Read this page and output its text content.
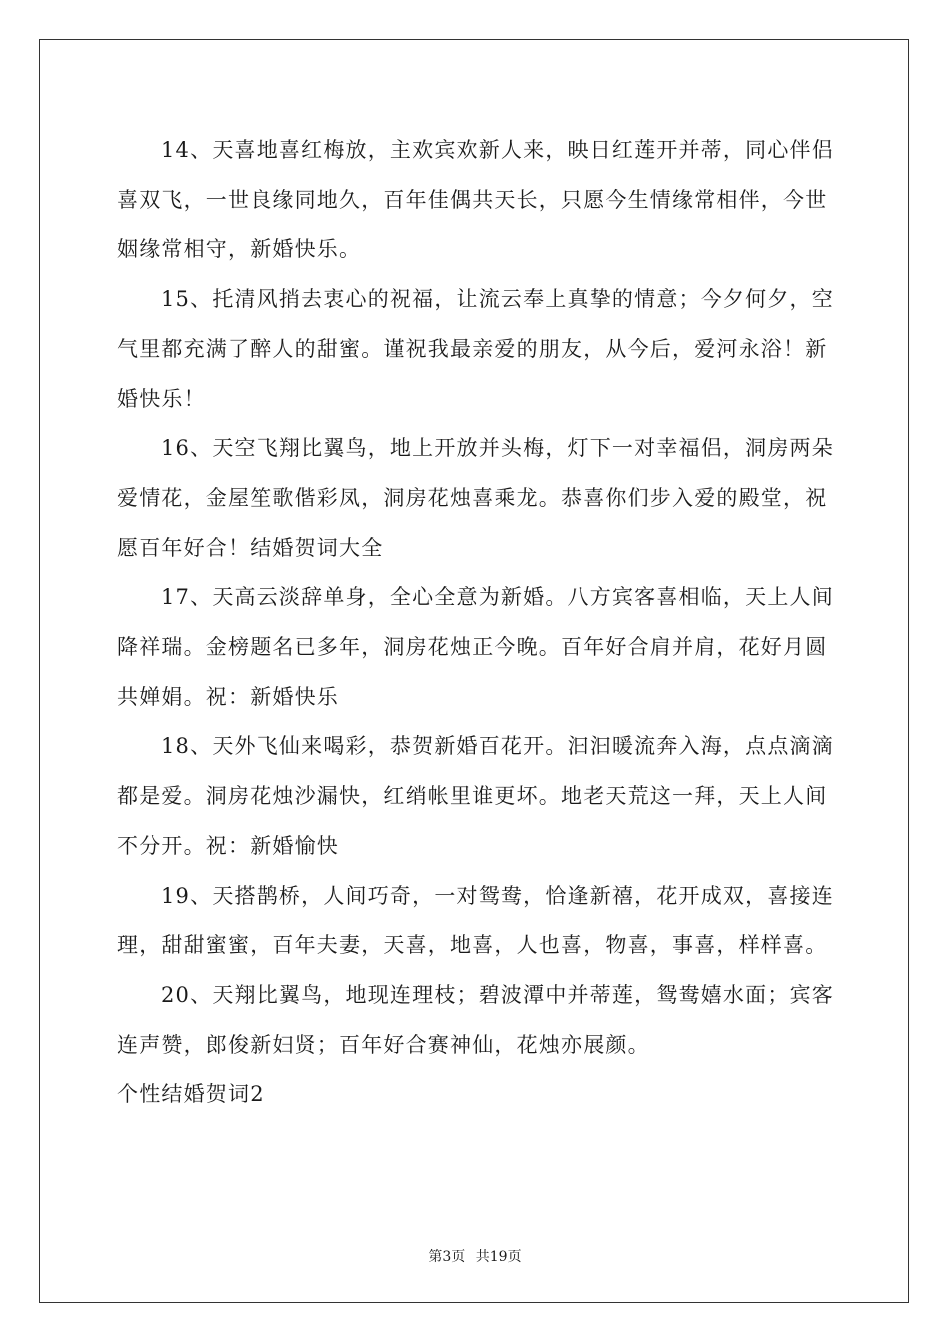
14、天喜地喜红梅放，主欢宾欢新人来，映日红莲开并蒂，同心伴侣喜双飞，一世良缘同地久，百年佳偶共天长，只愿今生情缘常相伴，今世姻缘常相守，新婚快乐。

15、托清风捎去衷心的祝福，让流云奉上真挚的情意；今夕何夕，空气里都充满了醉人的甜蜜。谨祝我最亲爱的朋友，从今后，爱河永浴！新婚快乐！

16、天空飞翔比翼鸟，地上开放并头梅，灯下一对幸福侣，洞房两朵爱情花，金屋笙歌偕彩凤，洞房花烛喜乘龙。恭喜你们步入爱的殿堂，祝愿百年好合！结婚贺词大全

17、天高云淡辞单身，全心全意为新婚。八方宾客喜相临，天上人间降祥瑞。金榜题名已多年，洞房花烛正今晚。百年好合肩并肩，花好月圆共婵娟。祝：新婚快乐

18、天外飞仙来喝彩，恭贺新婚百花开。汩汩暖流奔入海，点点滴滴都是爱。洞房花烛沙漏快，红绡帐里谁更坏。地老天荒这一拜，天上人间不分开。祝：新婚愉快

19、天搭鹊桥，人间巧奇，一对鸳鸯，恰逢新禧，花开成双，喜接连理，甜甜蜜蜜，百年夫妻，天喜，地喜，人也喜，物喜，事喜，样样喜。

20、天翔比翼鸟，地现连理枝；碧波潭中并蒂莲，鸳鸯嬉水面；宾客连声赞，郎俊新妇贤；百年好合赛神仙，花烛亦展颜。

个性结婚贺词2

第3页 共19页
